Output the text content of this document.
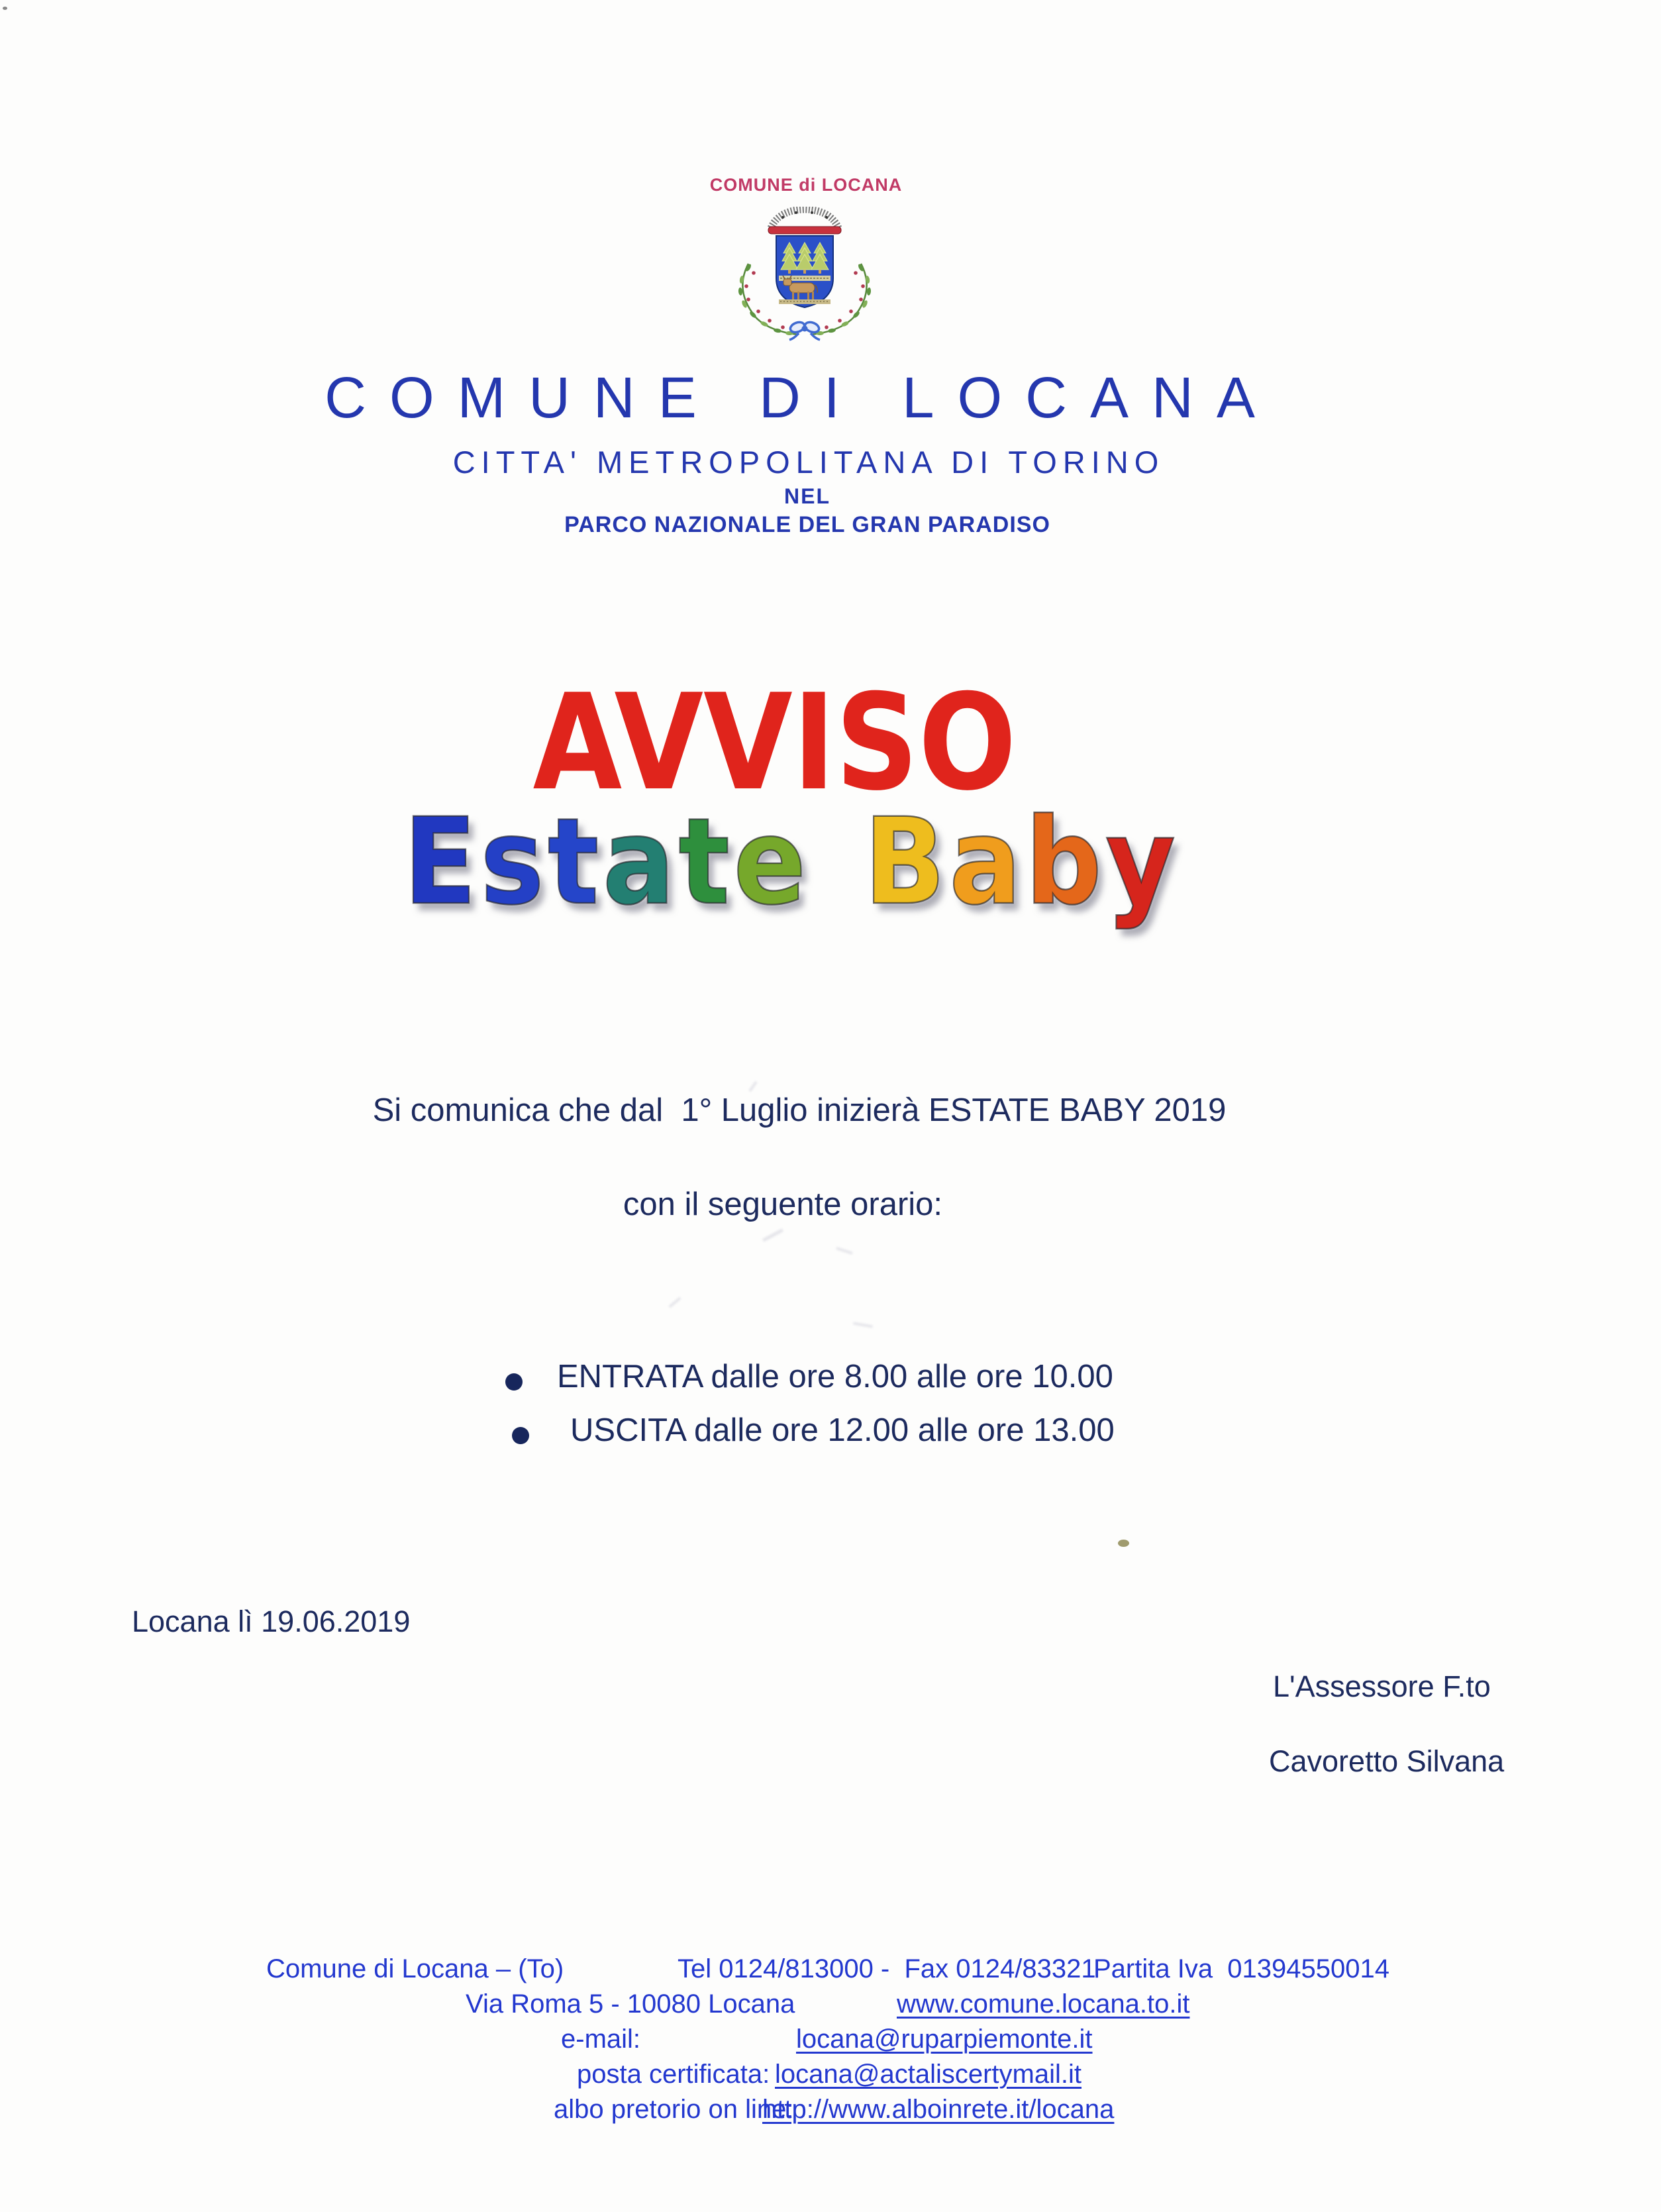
COMUNE di LOCANA
COMUNE DI LOCANA
CITTA' METROPOLITANA DI TORINO
NEL
PARCO NAZIONALE DEL GRAN PARADISO
AVVISO
Estate Baby
Si comunica che dal  1° Luglio inizierà ESTATE BABY 2019
con il seguente orario:
ENTRATA dalle ore 8.00 alle ore 10.00
USCITA dalle ore 12.00 alle ore 13.00
Locana lì 19.06.2019
L'Assessore F.to
Cavoretto Silvana
Comune di Locana – (To)	Tel 0124/813000 -  Fax 0124/83321
Partita Iva  01394550014
Via Roma 5 - 10080 Locana	www.comune.locana.to.it
e-mail:	locana@ruparpiemonte.it
posta certificata: locana@actaliscertymail.it
albo pretorio on line:
http://www.alboinrete.it/locana
